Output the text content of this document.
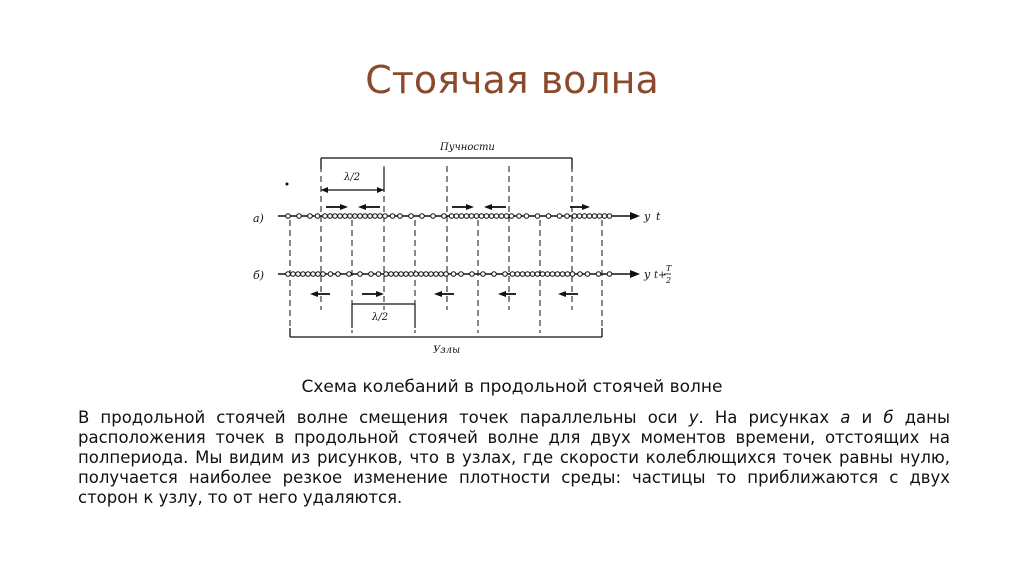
Стоячая волна
Пучности
λ/2
а)	y t
б)	y t+
T
2
λ/2
Узлы
Схема колебаний в продольной стоячей волне
В продольной стоячей волне смещения точек параллельны оси y. На рисунках а и б даны расположения точек в продольной стоячей волне для двух моментов времени, отстоящих на полпериода. Мы видим из рисунков, что в узлах, где скорости колеблющихся точек равны нулю, получается наиболее резкое изменение плотности среды: частицы то приближаются с двух сторон к узлу, то от него удаляются.
